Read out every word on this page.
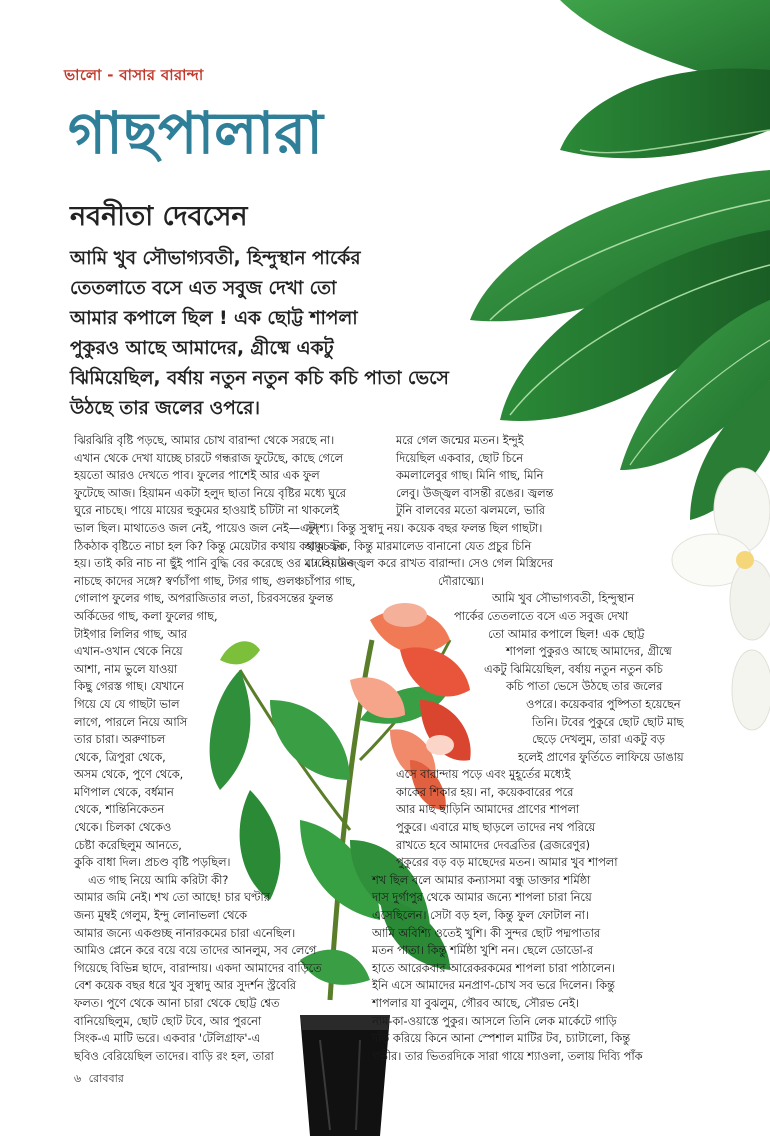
ভালো - বাসার বারান্দা
গাছপালারা
নবনীতা দেবসেন
আমি খুব সৌভাগ্যবতী, হিন্দুস্থান পার্কের
তেতলাতে বসে এত সবুজ দেখা তো
আমার কপালে ছিল ! এক ছোট্ট শাপলা
পুকুরও আছে আমাদের, গ্রীষ্মে একটু
ঝিমিয়েছিল, বর্ষায় নতুন নতুন কচি কচি পাতা ভেসে
উঠছে তার জলের ওপরে।
ঝিরঝিরি বৃষ্টি পড়ছে, আমার চোখ বারান্দা থেকে সরছে না।
এখান থেকে দেখা যাচ্ছে চারটে গন্ধরাজ ফুটেছে, কাছে গেলে
হয়তো আরও দেখতে পাব। ফুলের পাশেই আর এক ফুল
ফুটেছে আজ। হিয়ামন একটা হলুদ ছাতা নিয়ে বৃষ্টির মধ্যে ঘুরে
ঘুরে নাচছে। পায়ে মায়ের হুকুমের হাওয়াই চটিটা না থাকলেই
ভাল ছিল। মাথাতেও জল নেই, পায়েও জল নেই—এটা
ঠিকঠাক বৃষ্টিতে নাচা হল কি? কিন্তু মেয়েটার কথায় কথায় জ্বর
হয়। তাই করি নাচ না ছুঁই পানি বুদ্ধি বের করেছে ওর মা। হিয়ামন
নাচছে কাদের সঙ্গে? স্বর্ণচাঁপা গাছ, টগর গাছ, গুলঞ্চচাঁপার গাছ,
গোলাপ ফুলের গাছ, অপরাজিতার লতা, চিরবসন্তের ফুলন্ত
অর্কিডের গাছ, কলা ফুলের গাছ,
টাইগার লিলির গাছ, আর
এখান-ওখান থেকে নিয়ে
আশা, নাম ভুলে যাওয়া
কিছু গেরস্ত গাছ। যেখানে
গিয়ে যে যে গাছটা ভাল
লাগে, পারলে নিয়ে আসি
তার চারা। অরুণাচল
থেকে, ত্রিপুরা থেকে,
অসম থেকে, পুণে থেকে,
মণিপাল থেকে, বর্ধমান
থেকে, শান্তিনিকেতন
থেকে। চিলকা থেকেও
চেষ্টা করেছিলুম আনতে,
কুকি বাধা দিল। প্রচণ্ড বৃষ্টি পড়ছিল।
এত গাছ নিয়ে আমি করিটা কী?
আমার জমি নেই। শখ তো আছে! চার ঘণ্টার
জন্য মুম্বই গেলুম, ইন্দু লোনাভলা থেকে
আমার জন্যে একগুচ্ছ নানারকমের চারা এনেছিল।
আমিও প্লেনে করে বয়ে বয়ে তাদের আনলুম, সব লেগে
গিয়েছে বিভিন্ন ছাদে, বারান্দায়। একদা আমাদের বাড়িতে
বেশ কয়েক বছর ধরে খুব সুস্বাদু আর সুদর্শন স্ট্রবেরি
ফলত। পুণে থেকে আনা চারা থেকে ছোট্ট শ্বেত
বানিয়েছিলুম, ছোট ছোট টবে, আর পুরনো
সিংক-এ মাটি ভরে। একবার 'টেলিগ্রাফ'-এ
ছবিও বেরিয়েছিল তাদের। বাড়ি রং হল, তারা
মরে গেল জন্মের মতন। ইন্দুই
দিয়েছিল একবার, ছোট চিনে
কমলালেবুর গাছ। মিনি গাছ, মিনি
লেবু। উজ্জ্বল বাসন্তী রঙের। জ্বলন্ত
টুনি বালবের মতো ঝলমলে, ভারি
সুদৃশ্য। কিন্তু সুস্বাদু নয়। কয়েক বছর ফলন্ত ছিল গাছটা।
হাকুচ টক, কিন্তু মারমালেড বানানো যেত প্রচুর চিনি
ঢেলে। উজ্জ্বল করে রাখত বারান্দা। সেও গেল মিস্ত্রিদের
দৌরাত্ম্যে।
আমি খুব সৌভাগ্যবতী, হিন্দুস্থান
পার্কের তেতলাতে বসে এত সবুজ দেখা
তো আমার কপালে ছিল! এক ছোট্ট
শাপলা পুকুরও আছে আমাদের, গ্রীষ্মে
একটু ঝিমিয়েছিল, বর্ষায় নতুন নতুন কচি
কচি পাতা ভেসে উঠছে তার জলের
ওপরে। কয়েকবার পুষ্পিতা হয়েছেন
তিনি। টবের পুকুরে ছোট ছোট মাছ
ছেড়ে দেখলুম, তারা একটু বড়
হলেই প্রাণের ফুর্তিতে লাফিয়ে ডাঙায়
এসে বারান্দায় পড়ে এবং মুহূর্তের মধ্যেই
কাকের শিকার হয়। না, কয়েকবারের পরে
আর মাছ ছাড়িনি আমাদের প্রাণের শাপলা
পুকুরে। এবারে মাছ ছাড়লে তাদের নথ পরিয়ে
রাখতে হবে আমাদের দেবব্রতির (ব্রজরেণুর)
পুকুরের বড় বড় মাছেদের মতন। আমার খুব শাপলা
শখ ছিল বলে আমার কন্যাসমা বন্ধু ডাক্তার শর্মিষ্ঠা
দাস দুর্গাপুর থেকে আমার জন্যে শাপলা চারা নিয়ে
এসেছিলেন। সেটা বড় হল, কিন্তু ফুল ফোটাল না।
আমি অবিশ্যি ওতেই খুশি। কী সুন্দর ছোট পদ্মপাতার
মতন পাতা। কিন্তু শর্মিষ্ঠা খুশি নন। ছেলে ডোডো-র
হাতে আরেকবার আরেকরকমের শাপলা চারা পাঠালেন।
ইনি এসে আমাদের মনপ্রাণ-চোখ সব ভরে দিলেন। কিন্তু
শাপলার যা বুঝলুম, গৌরব আছে, সৌরভ নেই।
নাম-কা-ওয়াস্তে পুকুর। আসলে তিনি লেক মার্কেটে গাড়ি
দাঁড় করিয়ে কিনে আনা স্পেশাল মাটির টব, চ্যাটালো, কিন্তু
গভীর। তার ভিতরদিকে সারা গায়ে শ্যাওলা, তলায় দিব্যি পাঁক
৬ রোববার
